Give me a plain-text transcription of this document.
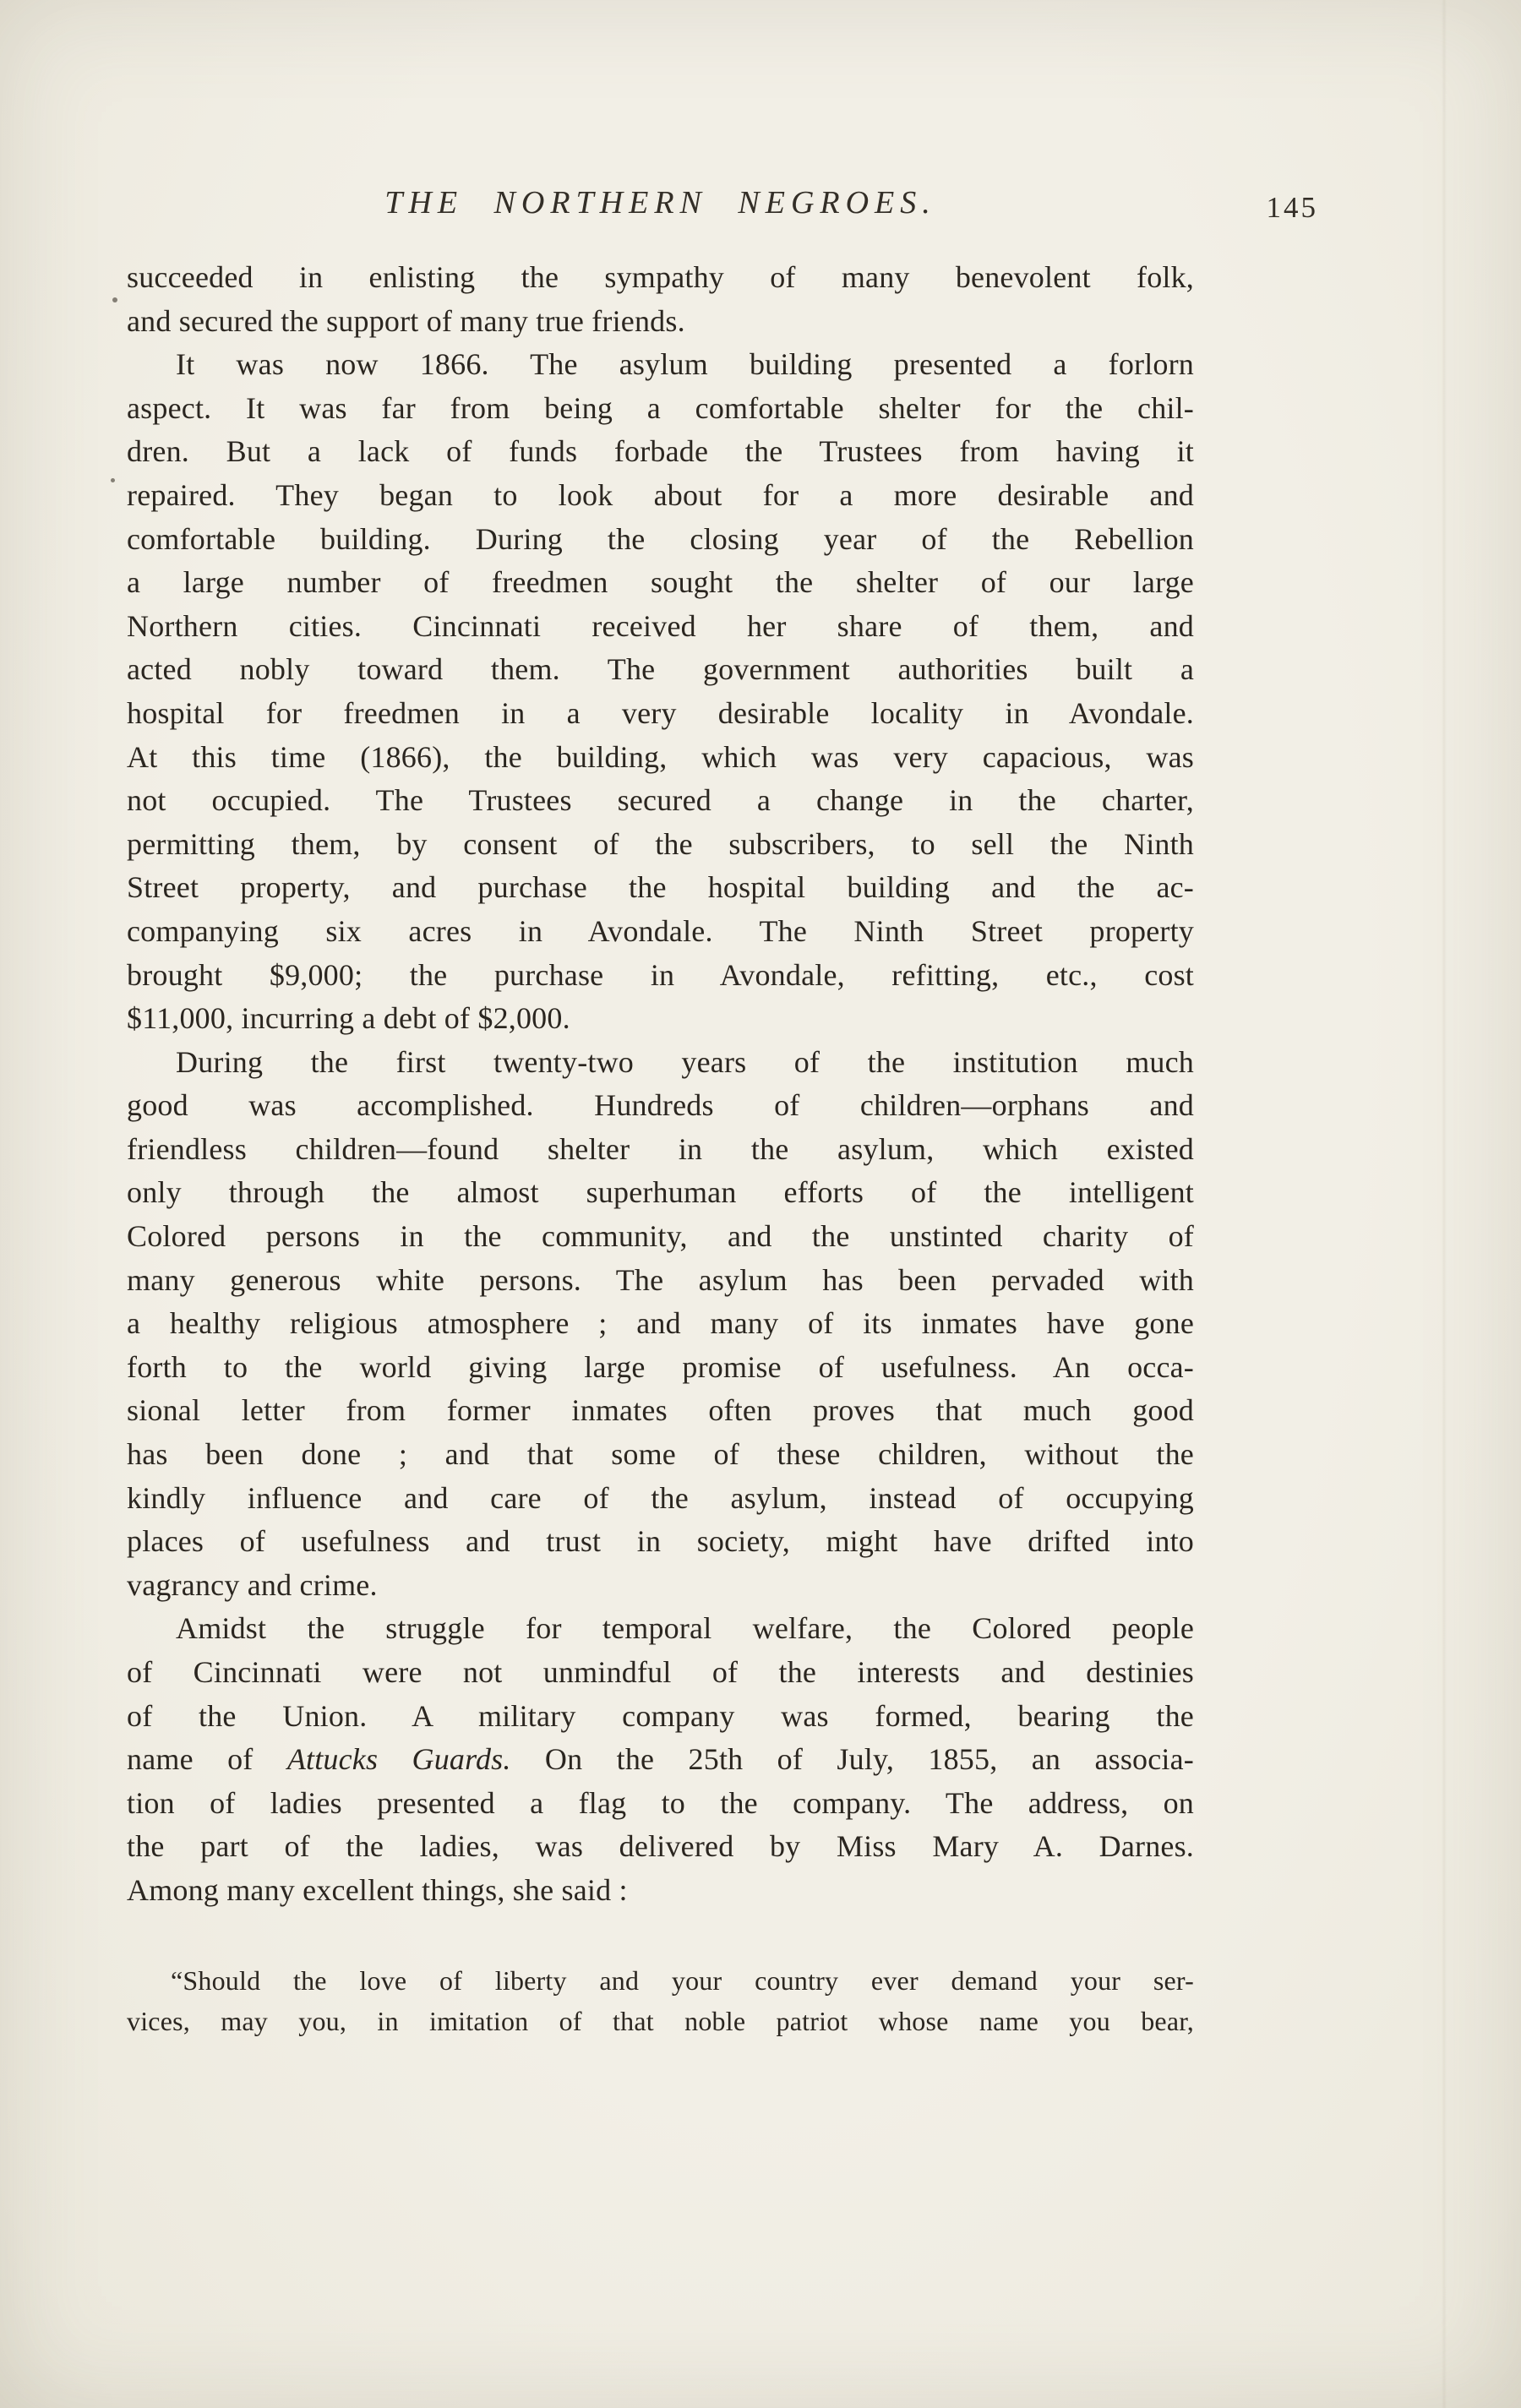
THE NORTHERN NEGROES.	145
succeeded in enlisting the sympathy of many benevolent folk,
and secured the support of many true friends.
It was now 1866. The asylum building presented a forlorn
aspect. It was far from being a comfortable shelter for the chil-
dren. But a lack of funds forbade the Trustees from having it
repaired. They began to look about for a more desirable and
comfortable building. During the closing year of the Rebellion
a large number of freedmen sought the shelter of our large
Northern cities. Cincinnati received her share of them, and
acted nobly toward them. The government authorities built a
hospital for freedmen in a very desirable locality in Avondale.
At this time (1866), the building, which was very capacious, was
not occupied. The Trustees secured a change in the charter,
permitting them, by consent of the subscribers, to sell the Ninth
Street property, and purchase the hospital building and the ac-
companying six acres in Avondale. The Ninth Street property
brought $9,000; the purchase in Avondale, refitting, etc., cost
$11,000, incurring a debt of $2,000.
During the first twenty-two years of the institution much
good was accomplished. Hundreds of children—orphans and
friendless children—found shelter in the asylum, which existed
only through the almost superhuman efforts of the intelligent
Colored persons in the community, and the unstinted charity of
many generous white persons. The asylum has been pervaded with
a healthy religious atmosphere ; and many of its inmates have gone
forth to the world giving large promise of usefulness. An occa-
sional letter from former inmates often proves that much good
has been done ; and that some of these children, without the
kindly influence and care of the asylum, instead of occupying
places of usefulness and trust in society, might have drifted into
vagrancy and crime.
Amidst the struggle for temporal welfare, the Colored people
of Cincinnati were not unmindful of the interests and destinies
of the Union. A military company was formed, bearing the
name of Attucks Guards. On the 25th of July, 1855, an associa-
tion of ladies presented a flag to the company. The address, on
the part of the ladies, was delivered by Miss Mary A. Darnes.
Among many excellent things, she said :
“Should the love of liberty and your country ever demand your ser-
vices, may you, in imitation of that noble patriot whose name you bear,
